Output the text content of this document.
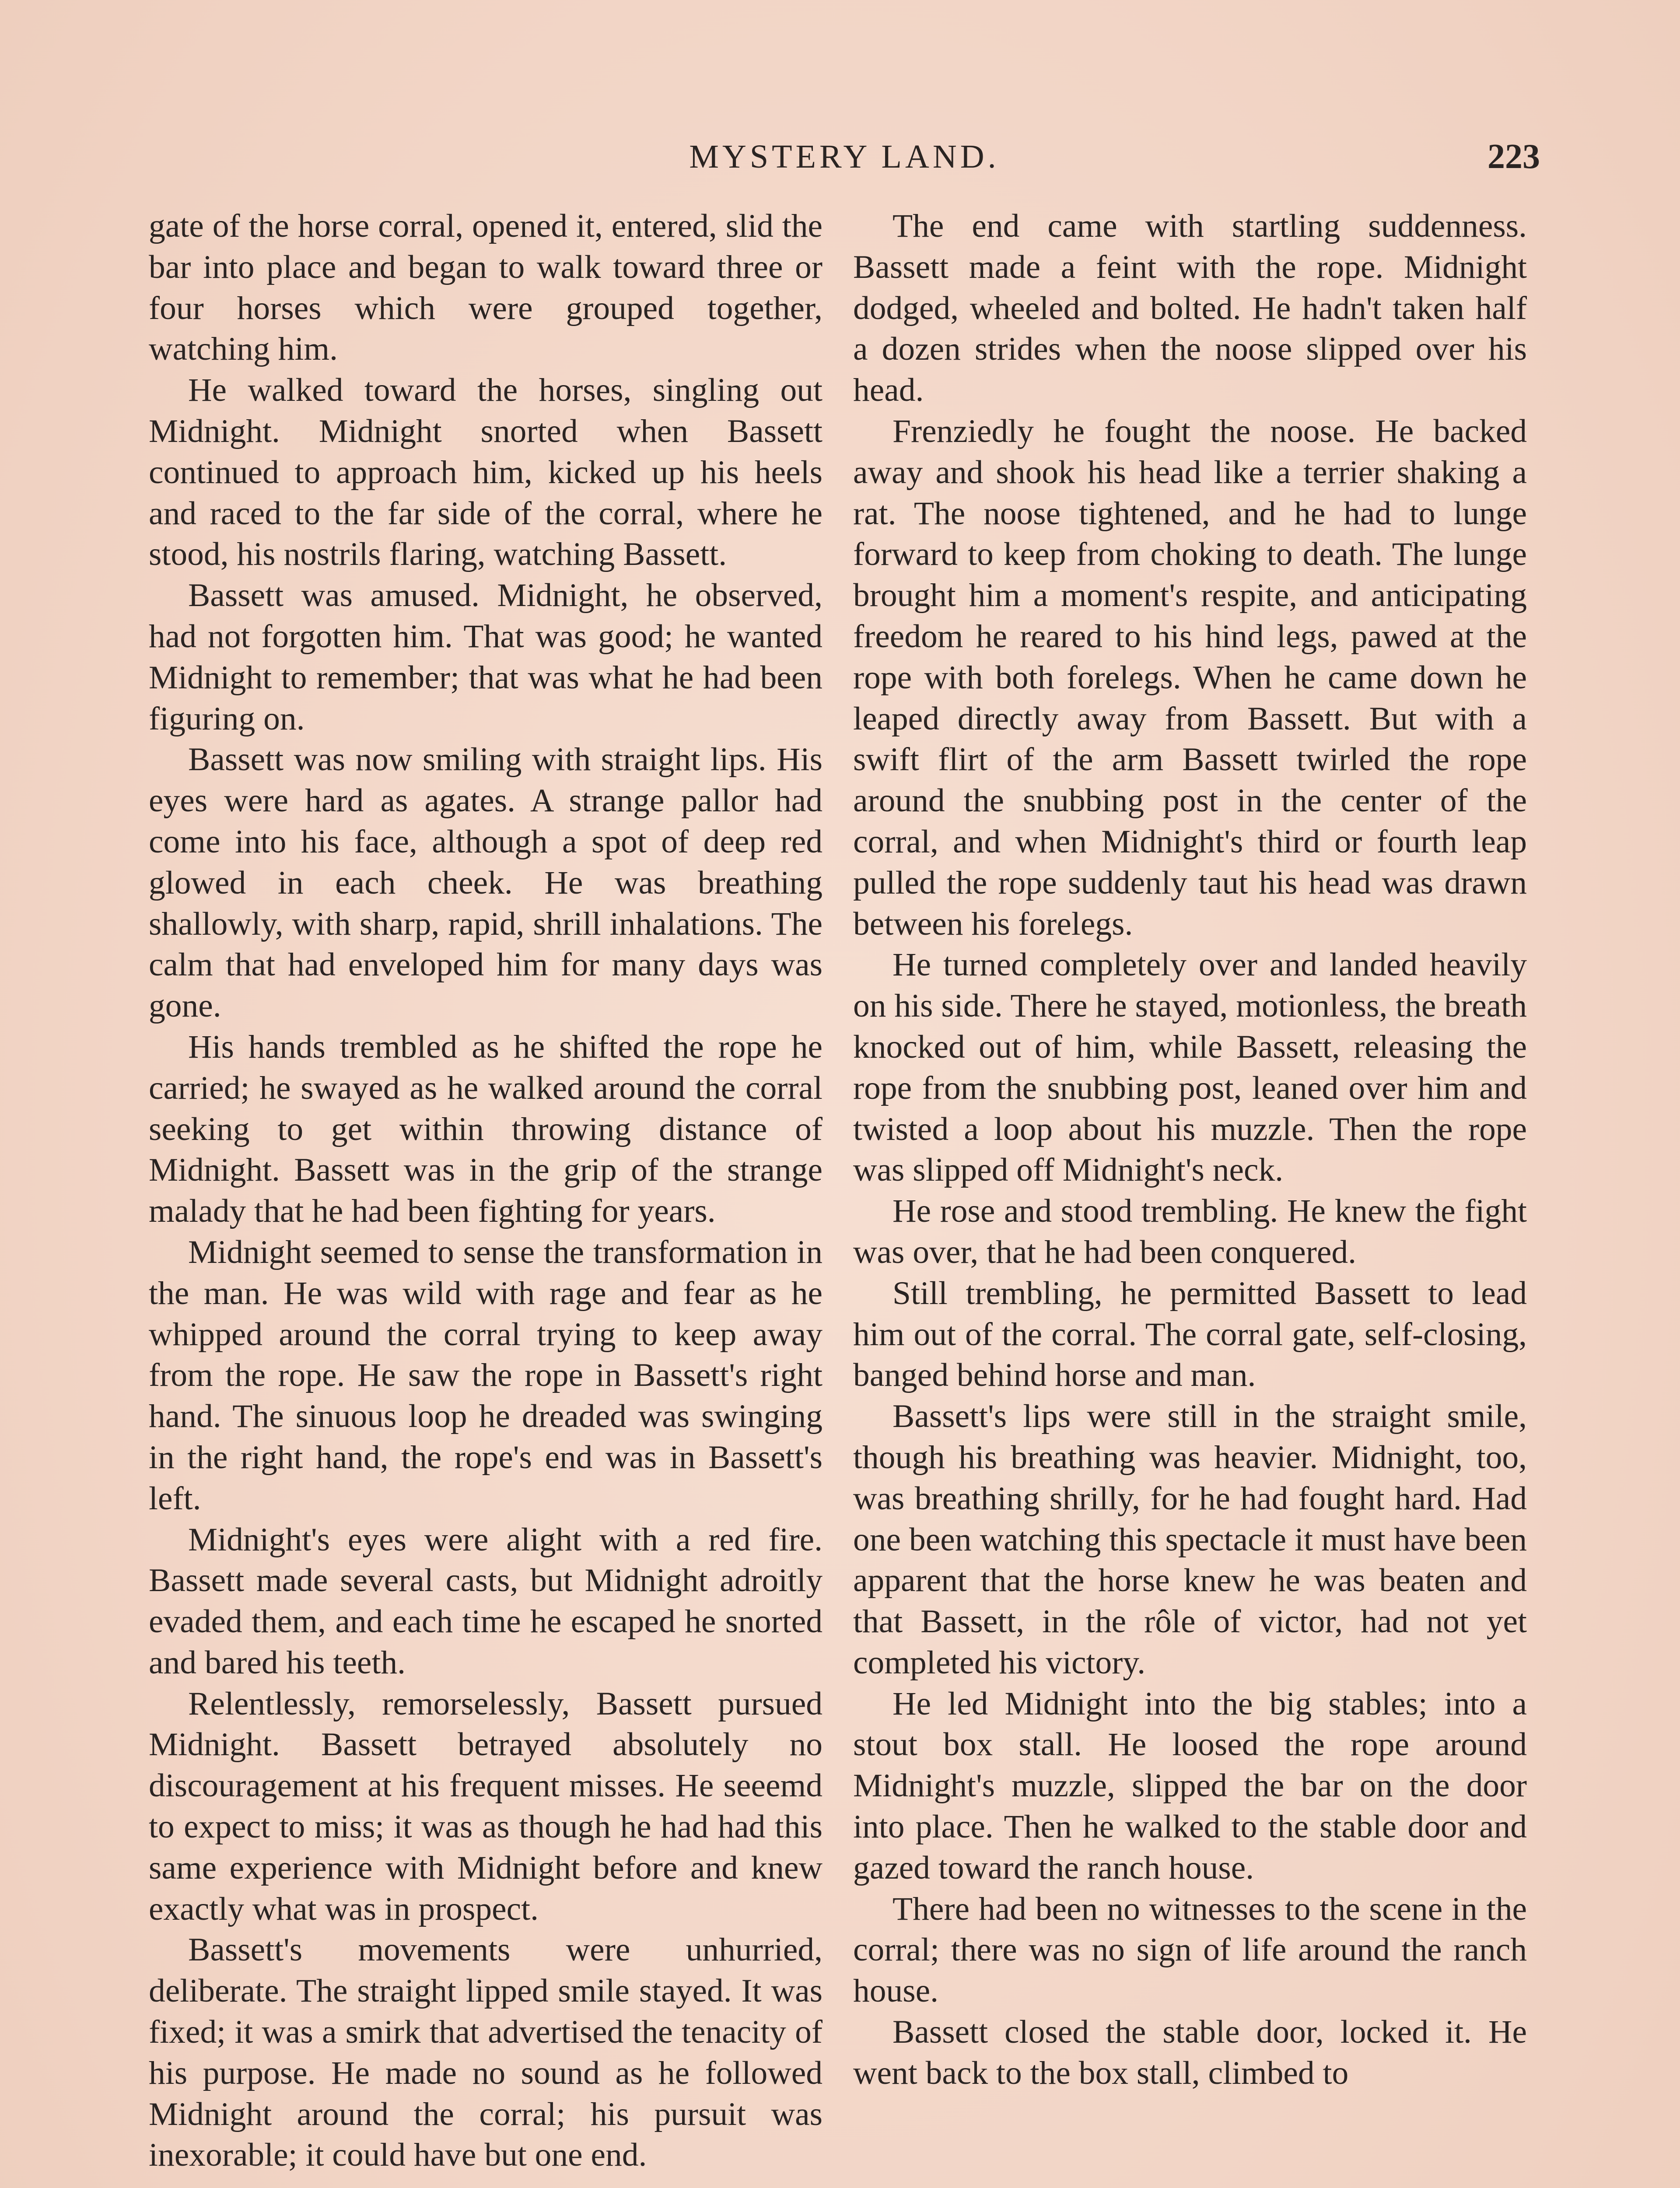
MYSTERY LAND.	223

gate of the horse corral, opened it, entered, slid the bar into place and began to walk toward three or four horses which were grouped together, watching him.

He walked toward the horses, singling out Midnight. Midnight snorted when Bassett continued to approach him, kicked up his heels and raced to the far side of the corral, where he stood, his nostrils flaring, watching Bassett.

Bassett was amused. Midnight, he observed, had not forgotten him. That was good; he wanted Midnight to remember; that was what he had been figuring on.

Bassett was now smiling with straight lips. His eyes were hard as agates. A strange pallor had come into his face, although a spot of deep red glowed in each cheek. He was breathing shallowly, with sharp, rapid, shrill inhalations. The calm that had enveloped him for many days was gone.

His hands trembled as he shifted the rope he carried; he swayed as he walked around the corral seeking to get within throwing distance of Midnight. Bassett was in the grip of the strange malady that he had been fighting for years.

Midnight seemed to sense the transformation in the man. He was wild with rage and fear as he whipped around the corral trying to keep away from the rope. He saw the rope in Bassett's right hand. The sinuous loop he dreaded was swinging in the right hand, the rope's end was in Bassett's left.

Midnight's eyes were alight with a red fire. Bassett made several casts, but Midnight adroitly evaded them, and each time he escaped he snorted and bared his teeth.

Relentlessly, remorselessly, Bassett pursued Midnight. Bassett betrayed absolutely no discouragement at his frequent misses. He seeemd to expect to miss; it was as though he had had this same experience with Midnight before and knew exactly what was in prospect.

Bassett's movements were unhurried, deliberate. The straight lipped smile stayed. It was fixed; it was a smirk that advertised the tenacity of his purpose. He made no sound as he followed Midnight around the corral; his pursuit was inexorable; it could have but one end.

The end came with startling suddenness. Bassett made a feint with the rope. Midnight dodged, wheeled and bolted. He hadn't taken half a dozen strides when the noose slipped over his head.

Frenziedly he fought the noose. He backed away and shook his head like a terrier shaking a rat. The noose tightened, and he had to lunge forward to keep from choking to death. The lunge brought him a moment's respite, and anticipating freedom he reared to his hind legs, pawed at the rope with both forelegs. When he came down he leaped directly away from Bassett. But with a swift flirt of the arm Bassett twirled the rope around the snubbing post in the center of the corral, and when Midnight's third or fourth leap pulled the rope suddenly taut his head was drawn between his forelegs.

He turned completely over and landed heavily on his side. There he stayed, motionless, the breath knocked out of him, while Bassett, releasing the rope from the snubbing post, leaned over him and twisted a loop about his muzzle. Then the rope was slipped off Midnight's neck.

He rose and stood trembling. He knew the fight was over, that he had been conquered.

Still trembling, he permitted Bassett to lead him out of the corral. The corral gate, self-closing, banged behind horse and man.

Bassett's lips were still in the straight smile, though his breathing was heavier. Midnight, too, was breathing shrilly, for he had fought hard. Had one been watching this spectacle it must have been apparent that the horse knew he was beaten and that Bassett, in the rôle of victor, had not yet completed his victory.

He led Midnight into the big stables; into a stout box stall. He loosed the rope around Midnight's muzzle, slipped the bar on the door into place. Then he walked to the stable door and gazed toward the ranch house.

There had been no witnesses to the scene in the corral; there was no sign of life around the ranch house.

Bassett closed the stable door, locked it. He went back to the box stall, climbed to
